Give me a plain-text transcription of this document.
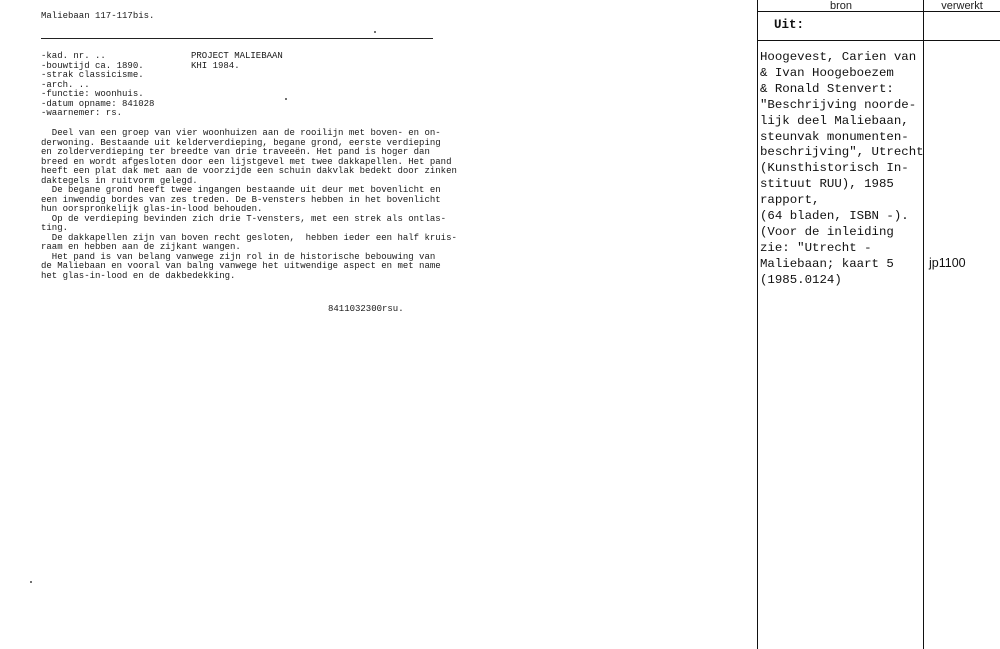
Maliebaan 117-117bis.
-kad. nr. ..
-bouwtijd ca. 1890.
-strak classicisme.
-arch. ..
-functie: woonhuis.
-datum opname: 841028
-waarnemer: rs.
PROJECT MALIEBAAN
KHI 1984.
Deel van een groep van vier woonhuizen aan de rooilijn met boven- en on-
derwoning. Bestaande uit kelderverdieping, begane grond, eerste verdieping
en zolderverdieping ter breedte van drie traveeën. Het pand is hoger dan
breed en wordt afgesloten door een lijstgevel met twee dakkapellen. Het pand
heeft een plat dak met aan de voorzijde een schuin dakvlak bedekt door zinken
daktegels in ruitvorm gelegd.
De begane grond heeft twee ingangen bestaande uit deur met bovenlicht en
een inwendig bordes van zes treden. De B-vensters hebben in het bovenlicht
hun oorspronkelijk glas-in-lood behouden.
Op de verdieping bevinden zich drie T-vensters, met een strek als ontlas-
ting.
De dakkapellen zijn van boven recht gesloten,  hebben ieder een half kruis-
raam en hebben aan de zijkant wangen.
Het pand is van belang vanwege zijn rol in de historische bebouwing van
de Maliebaan en vooral van balng vanwege het uitwendige aspect en met name
het glas-in-lood en de dakbedekking.
8411032300rsu.
bron	verwerkt
Uit:
Hoogevest, Carien van
& Ivan Hoogeboezem
& Ronald Stenvert:
"Beschrijving noorde-
lijk deel Maliebaan,
steunvak monumenten-
beschrijving", Utrecht
(Kunsthistorisch In-
stituut RUU), 1985
rapport,
(64 bladen, ISBN -).
(Voor de inleiding
zie: "Utrecht -
Maliebaan; kaart 5
(1985.0124)
jp1100
